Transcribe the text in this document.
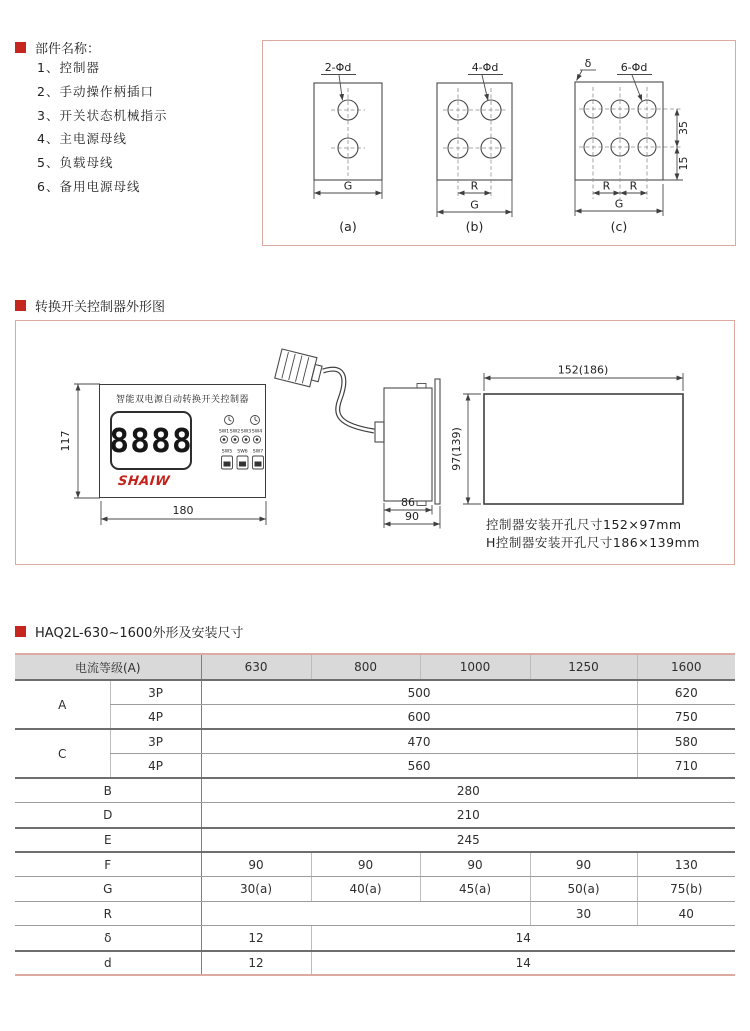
部件名称：
1、控制器
2、手动操作柄插口
3、开关状态机械指示
4、主电源母线
5、负载母线
6、备用电源母线
2-Φd
G
(a)
4-Φd
R
G
(b)
δ	6-Φd
35
15
R R
G
(c)
转换开关控制器外形图
117
180
86
90
152(186)
97(139)
智能双电源自动转换开关控制器
8888	SW1 SW2 SW3 SW4
SW5 SW6 SW7
SHAIW
控制器安装开孔尺寸152×97mm
H控制器安装开孔尺寸186×139mm
HAQ2L-630~1600外形及安装尺寸
电流等级(A)		630	800	1000	1250	1600
A	3P	500				620
	4P	600				750
C	3P	470				580
	4P	560				710
B		280				
D		210				
E		245				
F		90	90	90	90	130
G		30(a)	40(a)	45(a)	50(a)	75(b)
R					30	40
δ		12	14			
d		12	14			
